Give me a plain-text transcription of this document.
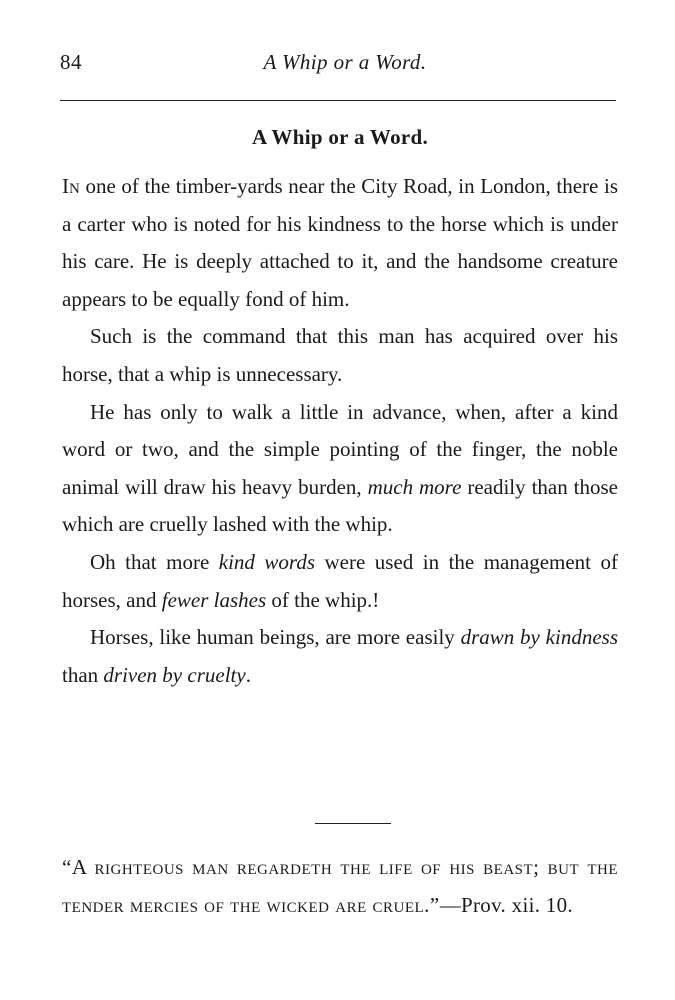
84	A Whip or a Word.
A Whip or a Word.

In one of the timber-yards near the City Road, in London, there is a carter who is noted for his kindness to the horse which is under his care. He is deeply attached to it, and the handsome creature appears to be equally fond of him.

Such is the command that this man has acquired over his horse, that a whip is unnecessary.

He has only to walk a little in advance, when, after a kind word or two, and the simple pointing of the finger, the noble animal will draw his heavy burden, much more readily than those which are cruelly lashed with the whip.

Oh that more kind words were used in the management of horses, and fewer lashes of the whip.!

Horses, like human beings, are more easily drawn by kindness than driven by cruelty.

“A righteous man regardeth the life of his beast; but the tender mercies of the wicked are cruel.”—Prov. xii. 10.
